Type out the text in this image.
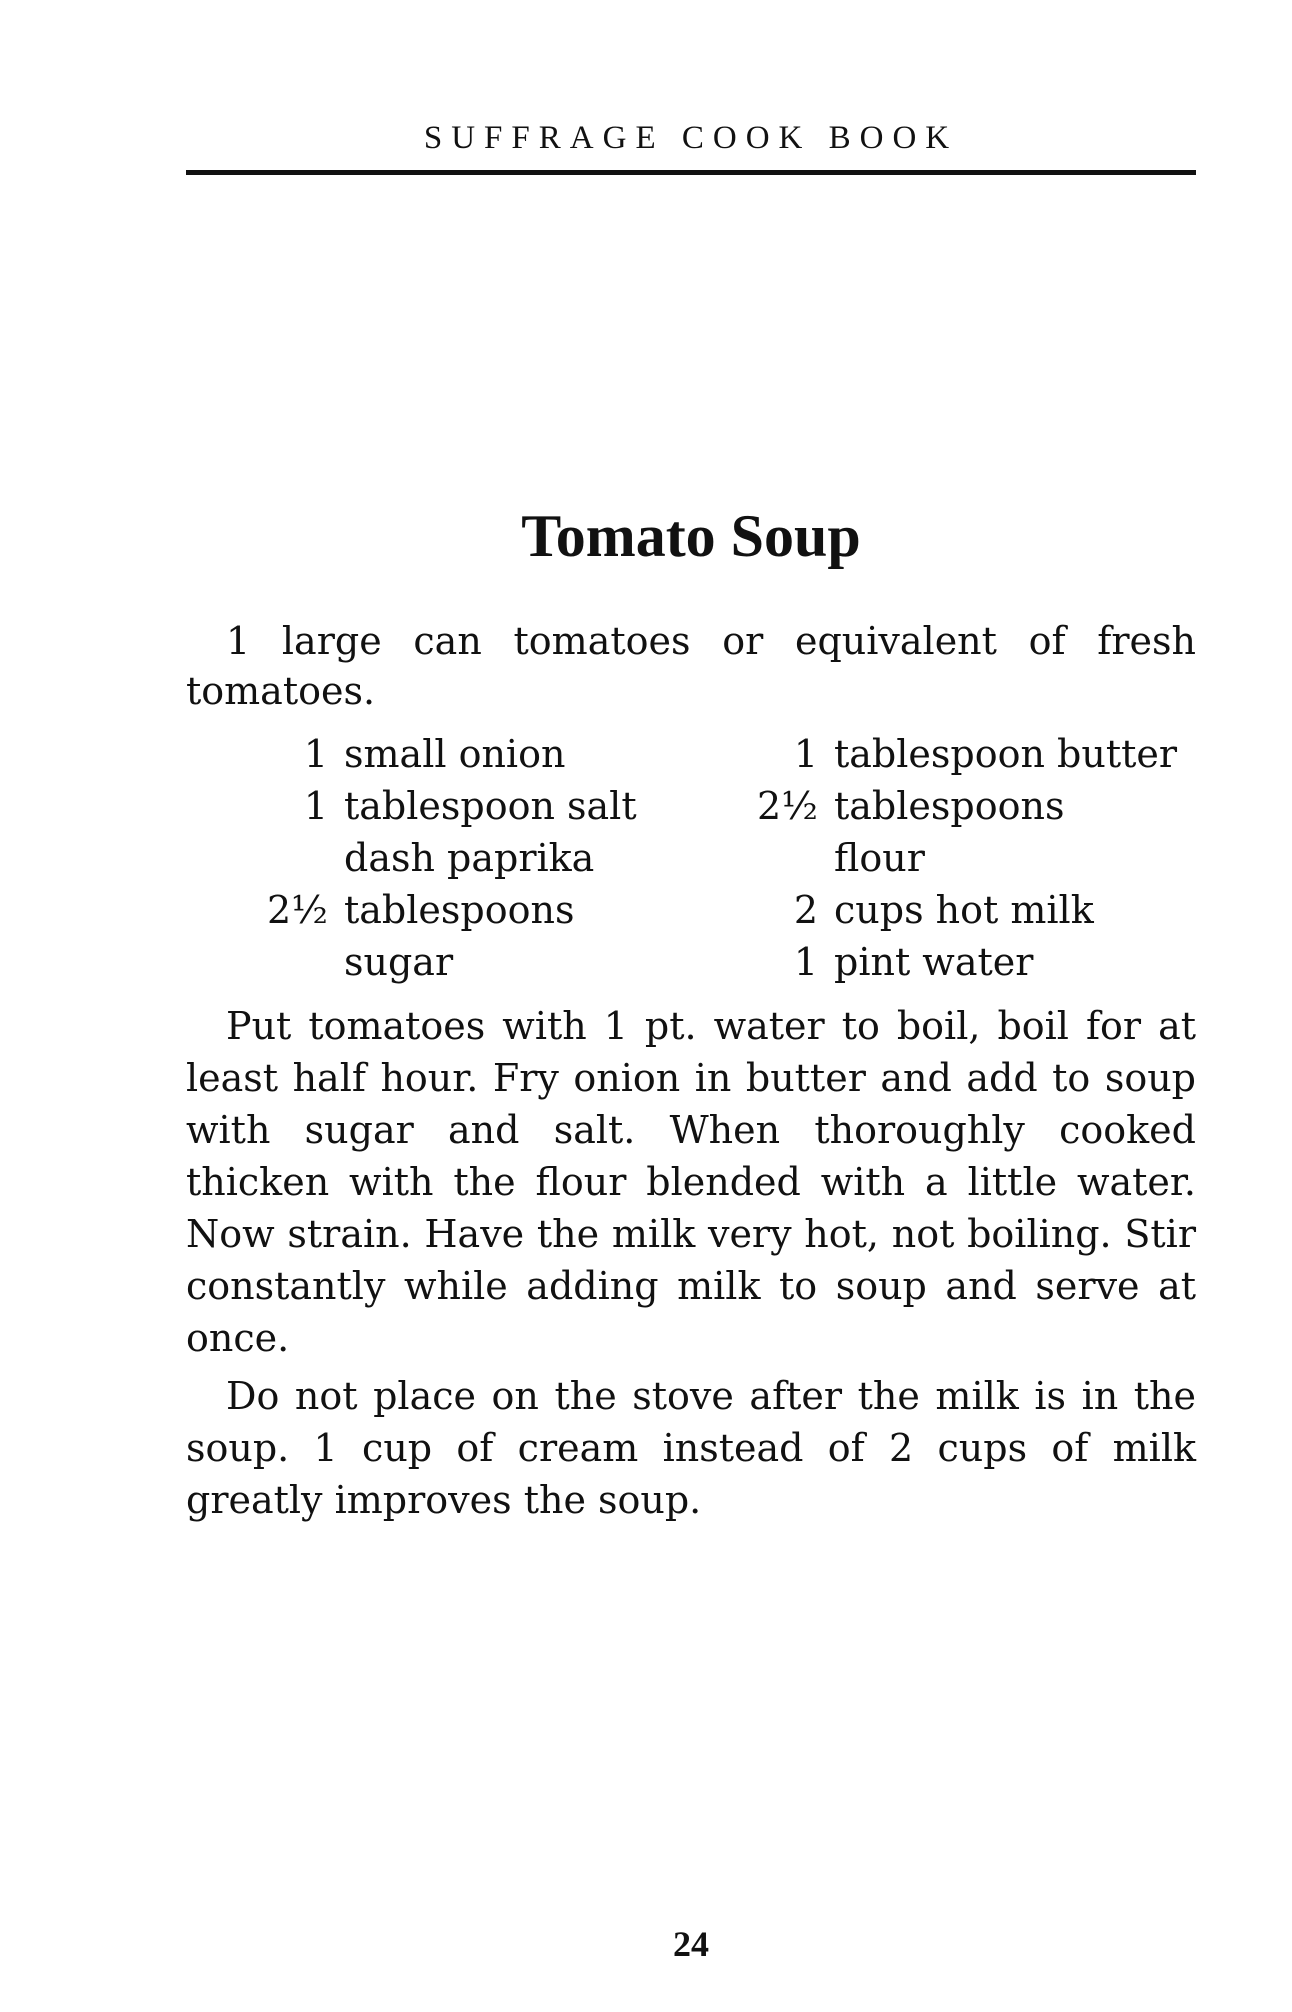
SUFFRAGE COOK BOOK
Tomato Soup

1 large can tomatoes or equivalent of fresh tomatoes.

1 small onion
1 tablespoon salt
dash paprika
2½ tablespoons sugar
1 tablespoon butter
2½ tablespoons flour
2 cups hot milk
1 pint water

Put tomatoes with 1 pt. water to boil, boil for at least half hour. Fry onion in butter and add to soup with sugar and salt. When thoroughly cooked thicken with the flour blended with a little water. Now strain. Have the milk very hot, not boiling. Stir constantly while adding milk to soup and serve at once.

Do not place on the stove after the milk is in the soup. 1 cup of cream instead of 2 cups of milk greatly improves the soup.

24
